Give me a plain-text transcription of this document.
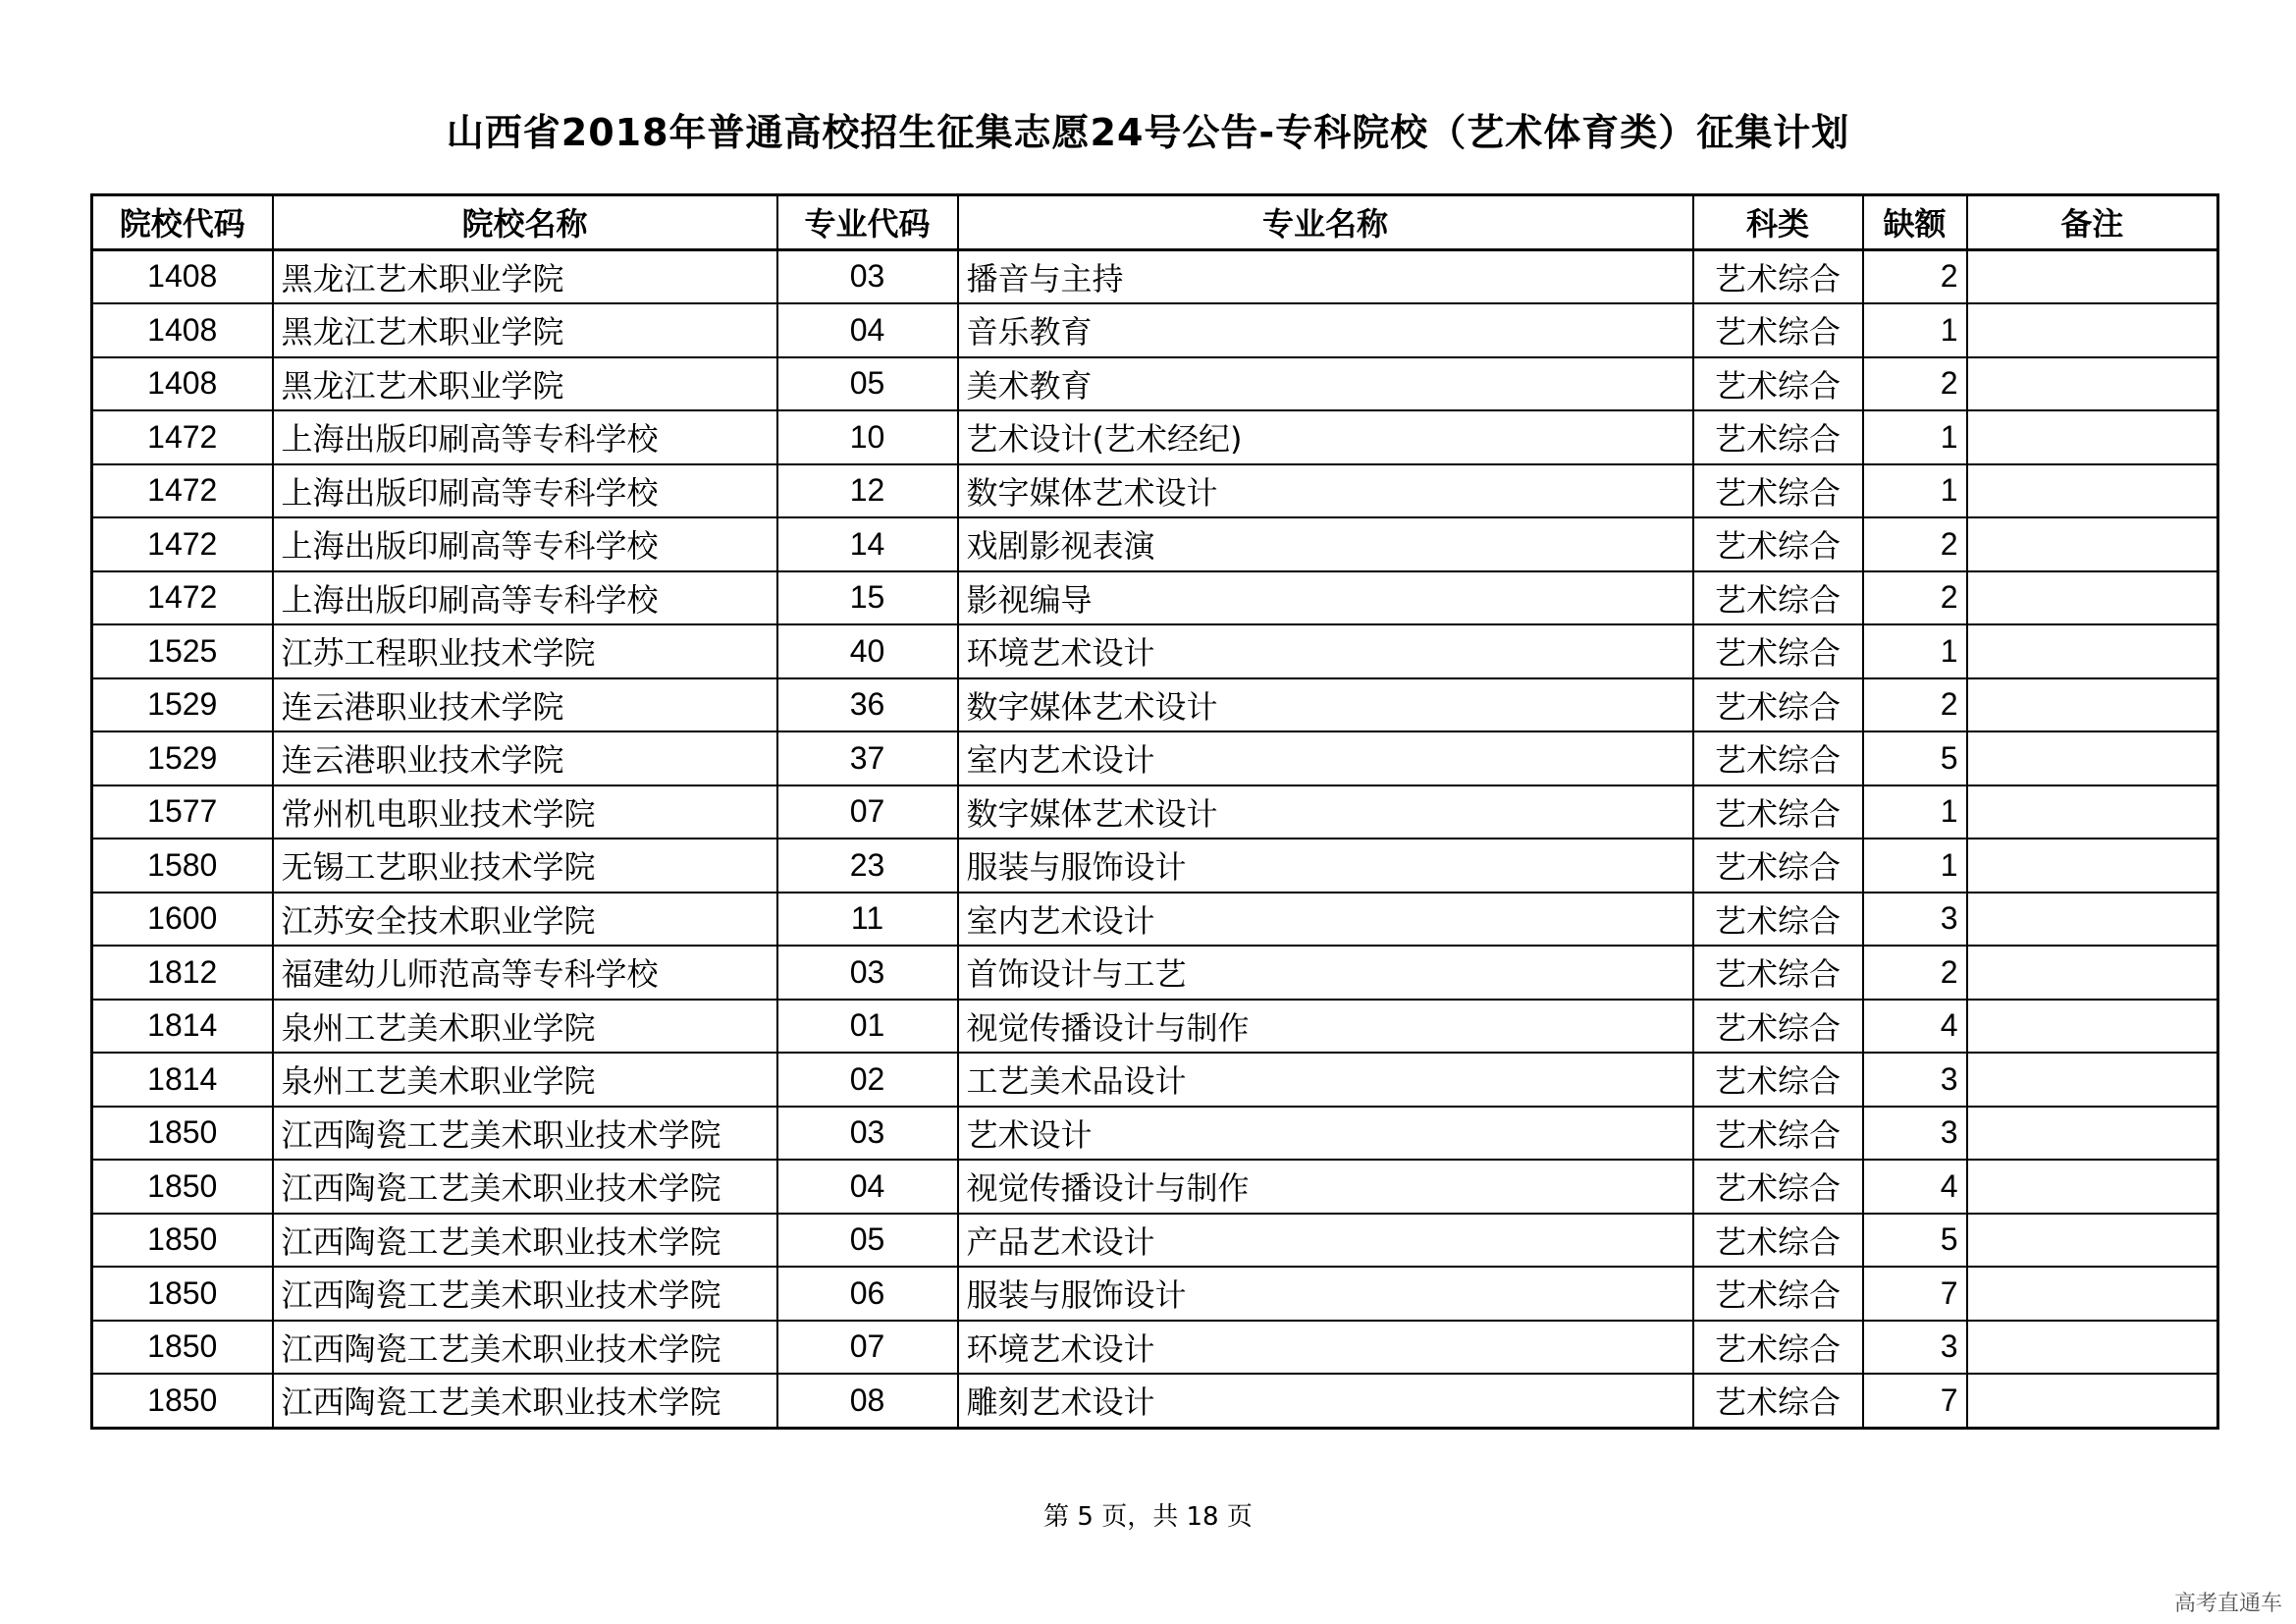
山西省2018年普通高校招生征集志愿24号公告-专科院校（艺术体育类）征集计划
院校代码	院校名称	专业代码	专业名称	科类	缺额	备注
1408	黑龙江艺术职业学院	03	播音与主持	艺术综合	2	
1408	黑龙江艺术职业学院	04	音乐教育	艺术综合	1	
1408	黑龙江艺术职业学院	05	美术教育	艺术综合	2	
1472	上海出版印刷高等专科学校	10	艺术设计(艺术经纪)	艺术综合	1	
1472	上海出版印刷高等专科学校	12	数字媒体艺术设计	艺术综合	1	
1472	上海出版印刷高等专科学校	14	戏剧影视表演	艺术综合	2	
1472	上海出版印刷高等专科学校	15	影视编导	艺术综合	2	
1525	江苏工程职业技术学院	40	环境艺术设计	艺术综合	1	
1529	连云港职业技术学院	36	数字媒体艺术设计	艺术综合	2	
1529	连云港职业技术学院	37	室内艺术设计	艺术综合	5	
1577	常州机电职业技术学院	07	数字媒体艺术设计	艺术综合	1	
1580	无锡工艺职业技术学院	23	服装与服饰设计	艺术综合	1	
1600	江苏安全技术职业学院	11	室内艺术设计	艺术综合	3	
1812	福建幼儿师范高等专科学校	03	首饰设计与工艺	艺术综合	2	
1814	泉州工艺美术职业学院	01	视觉传播设计与制作	艺术综合	4	
1814	泉州工艺美术职业学院	02	工艺美术品设计	艺术综合	3	
1850	江西陶瓷工艺美术职业技术学院	03	艺术设计	艺术综合	3	
1850	江西陶瓷工艺美术职业技术学院	04	视觉传播设计与制作	艺术综合	4	
1850	江西陶瓷工艺美术职业技术学院	05	产品艺术设计	艺术综合	5	
1850	江西陶瓷工艺美术职业技术学院	06	服装与服饰设计	艺术综合	7	
1850	江西陶瓷工艺美术职业技术学院	07	环境艺术设计	艺术综合	3	
1850	江西陶瓷工艺美术职业技术学院	08	雕刻艺术设计	艺术综合	7	
第 5 页，共 18 页
高考直通车
